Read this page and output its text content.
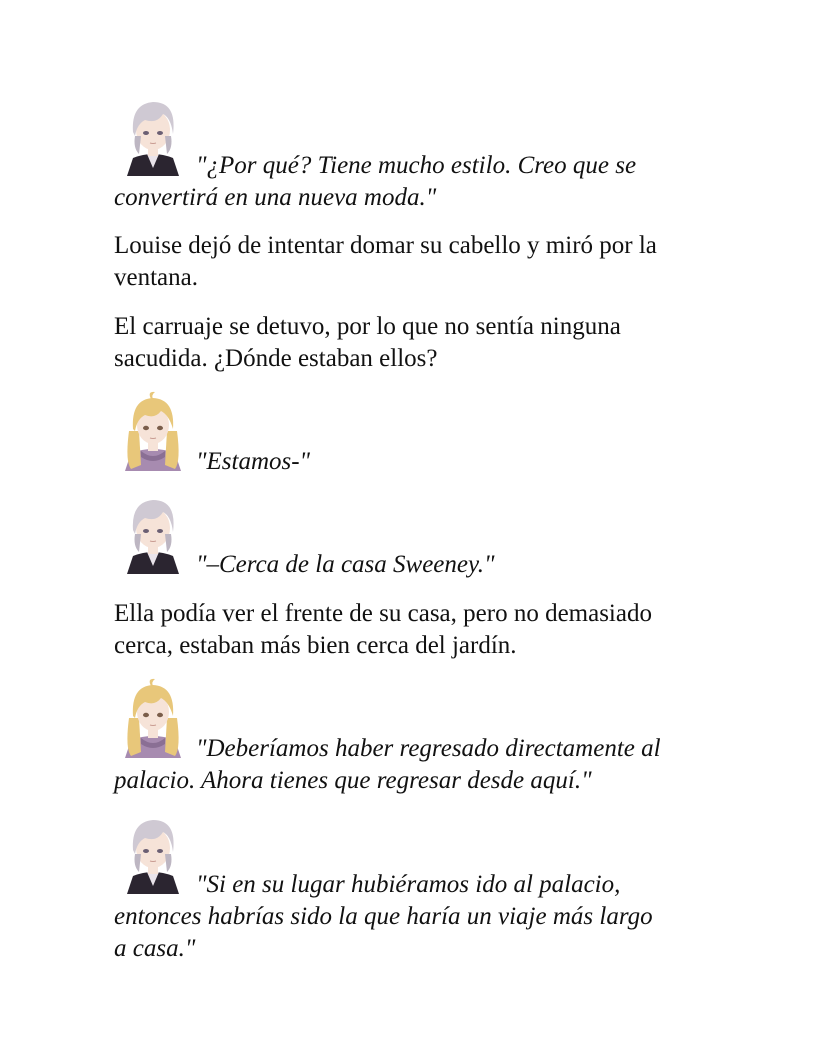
"¿Por qué? Tiene mucho estilo. Creo que se
convertirá en una nueva moda."
Louise dejó de intentar domar su cabello y miró por la
ventana.
El carruaje se detuvo, por lo que no sentía ninguna
sacudida. ¿Dónde estaban ellos?
"Estamos-"
"–Cerca de la casa Sweeney."
Ella podía ver el frente de su casa, pero no demasiado
cerca, estaban más bien cerca del jardín.
"Deberíamos haber regresado directamente al
palacio. Ahora tienes que regresar desde aquí."
"Si en su lugar hubiéramos ido al palacio,
entonces habrías sido la que haría un viaje más largo
a casa."
